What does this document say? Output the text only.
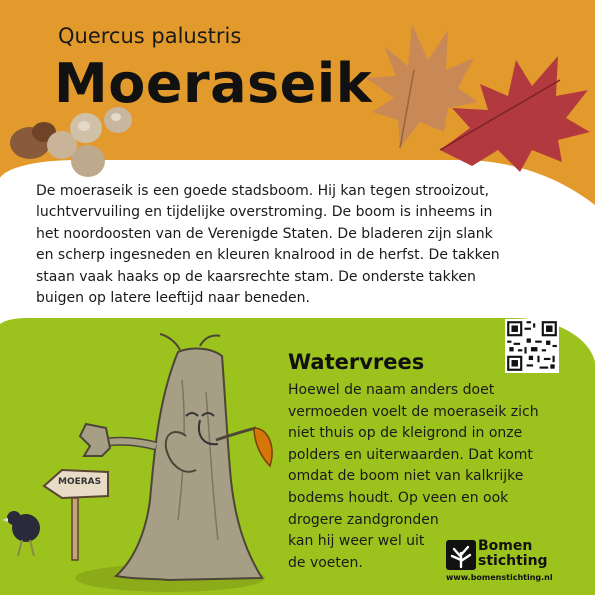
Quercus palustris

Moeraseik

De moeraseik is een goede stadsboom. Hij kan tegen strooizout, luchtvervuiling en tijdelijke overstroming. De boom is inheems in het noordoosten van de Verenigde Staten. De bladeren zijn slank en scherp ingesneden en kleuren knalrood in de herfst. De takken staan vaak haaks op de kaarsrechte stam. De onderste takken buigen op latere leeftijd naar beneden.

MOERAS
Watervrees

Hoewel de naam anders doet
vermoeden voelt de moeraseik zich
niet thuis op de kleigrond in onze
polders en uiterwaarden. Dat komt
omdat de boom niet van kalkrijke
bodems houdt. Op veen en ook
drogere zandgronden
kan hij weer wel uit
de voeten.

Bomen
stichting
www.bomenstichting.nl
